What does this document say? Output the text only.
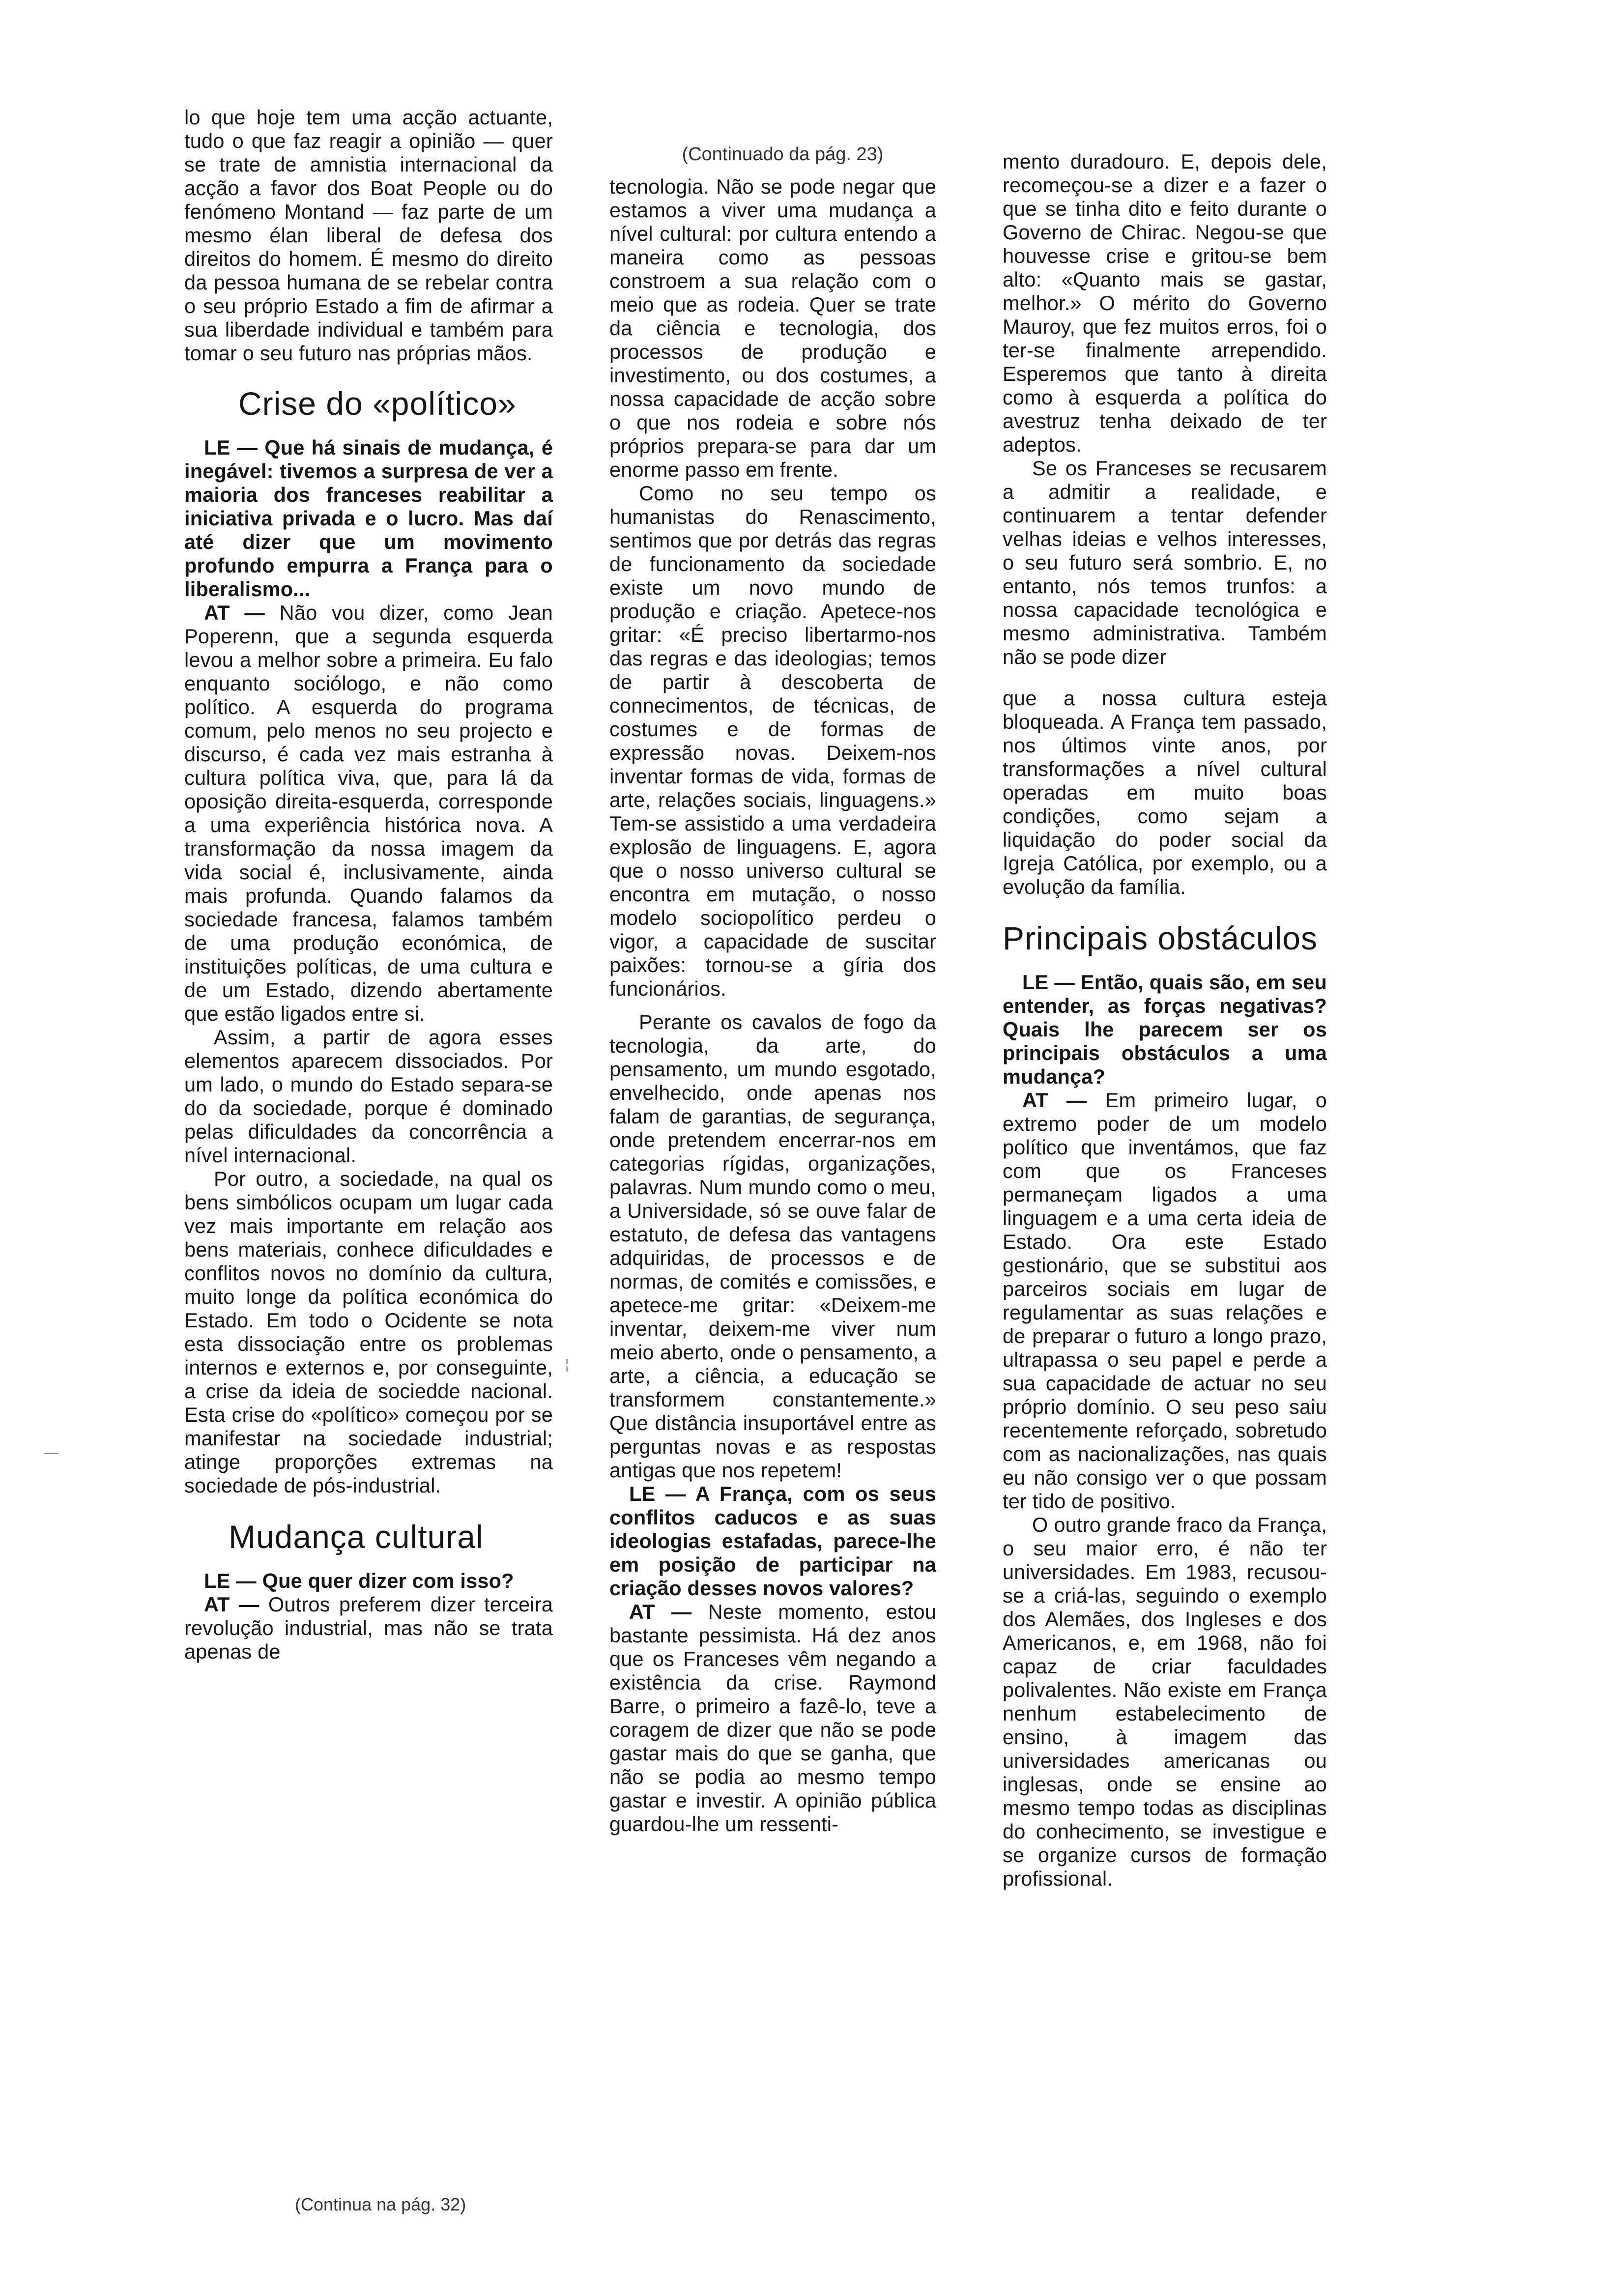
lo que hoje tem uma acção actuante, tudo o que faz reagir a opinião — quer se trate de amnistia internacional da acção a favor dos Boat People ou do fenómeno Montand — faz parte de um mesmo élan liberal de defesa dos direitos do homem. É mesmo do direito da pessoa humana de se rebelar contra o seu próprio Estado a fim de afirmar a sua liberdade individual e também para tomar o seu futuro nas próprias mãos.

Crise do «político»

LE — Que há sinais de mudança, é inegável: tivemos a surpresa de ver a maioria dos franceses reabilitar a iniciativa privada e o lucro. Mas daí até dizer que um movimento profundo empurra a França para o liberalismo...

AT — Não vou dizer, como Jean Poperenn, que a segunda esquerda levou a melhor sobre a primeira. Eu falo enquanto sociólogo, e não como político. A esquerda do programa comum, pelo menos no seu projecto e discurso, é cada vez mais estranha à cultura política viva, que, para lá da oposição direita-esquerda, corresponde a uma experiência histórica nova. A transformação da nossa imagem da vida social é, inclusivamente, ainda mais profunda. Quando falamos da sociedade francesa, falamos também de uma produção económica, de instituições políticas, de uma cultura e de um Estado, dizendo abertamente que estão ligados entre si.

Assim, a partir de agora esses elementos aparecem dissociados. Por um lado, o mundo do Estado separa-se do da sociedade, porque é dominado pelas dificuldades da concorrência a nível internacional.

Por outro, a sociedade, na qual os bens simbólicos ocupam um lugar cada vez mais importante em relação aos bens materiais, conhece dificuldades e conflitos novos no domínio da cultura, muito longe da política económica do Estado. Em todo o Ocidente se nota esta dissociação entre os problemas internos e externos e, por conseguinte, a crise da ideia de sociedde nacional. Esta crise do «político» começou por se manifestar na sociedade industrial; atinge proporções extremas na sociedade de pós-industrial.

Mudança cultural

LE — Que quer dizer com isso?

AT — Outros preferem dizer terceira revolução industrial, mas não se trata apenas de

(Continua na pág. 32)
(Continuado da pág. 23)

tecnologia. Não se pode negar que estamos a viver uma mudança a nível cultural: por cultura entendo a maneira como as pessoas constroem a sua relação com o meio que as rodeia. Quer se trate da ciência e tecnologia, dos processos de produção e investimento, ou dos costumes, a nossa capacidade de acção sobre o que nos rodeia e sobre nós próprios prepara-se para dar um enorme passo em frente.

Como no seu tempo os humanistas do Renascimento, sentimos que por detrás das regras de funcionamento da sociedade existe um novo mundo de produção e criação. Apetece-nos gritar: «É preciso libertarmo-nos das regras e das ideologias; temos de partir à descoberta de connecimentos, de técnicas, de costumes e de formas de expressão novas. Deixem-nos inventar formas de vida, formas de arte, relações sociais, linguagens.» Tem-se assistido a uma verdadeira explosão de linguagens. E, agora que o nosso universo cultural se encontra em mutação, o nosso modelo sociopolítico perdeu o vigor, a capacidade de suscitar paixões: tornou-se a gíria dos funcionários.

Perante os cavalos de fogo da tecnologia, da arte, do pensamento, um mundo esgotado, envelhecido, onde apenas nos falam de garantias, de segurança, onde pretendem encerrar-nos em categorias rígidas, organizações, palavras. Num mundo como o meu, a Universidade, só se ouve falar de estatuto, de defesa das vantagens adquiridas, de processos e de normas, de comités e comissões, e apetece-me gritar: «Deixem-me inventar, deixem-me viver num meio aberto, onde o pensamento, a arte, a ciência, a educação se transformem constantemente.» Que distância insuportável entre as perguntas novas e as respostas antigas que nos repetem!

LE — A França, com os seus conflitos caducos e as suas ideologias estafadas, parece-lhe em posição de participar na criação desses novos valores?

AT — Neste momento, estou bastante pessimista. Há dez anos que os Franceses vêm negando a existência da crise. Raymond Barre, o primeiro a fazê-lo, teve a coragem de dizer que não se pode gastar mais do que se ganha, que não se podia ao mesmo tempo gastar e investir. A opinião pública guardou-lhe um ressenti-

mento duradouro. E, depois dele, recomeçou-se a dizer e a fazer o que se tinha dito e feito durante o Governo de Chirac. Negou-se que houvesse crise e gritou-se bem alto: «Quanto mais se gastar, melhor.» O mérito do Governo Mauroy, que fez muitos erros, foi o ter-se finalmente arrependido. Esperemos que tanto à direita como à esquerda a política do avestruz tenha deixado de ter adeptos.

Se os Franceses se recusarem a admitir a realidade, e continuarem a tentar defender velhas ideias e velhos interesses, o seu futuro será sombrio. E, no entanto, nós temos trunfos: a nossa capacidade tecnológica e mesmo administrativa. Também não se pode dizer

que a nossa cultura esteja bloqueada. A França tem passado, nos últimos vinte anos, por transformações a nível cultural operadas em muito boas condições, como sejam a liquidação do poder social da Igreja Católica, por exemplo, ou a evolução da família.

Principais obstáculos

LE — Então, quais são, em seu entender, as forças negativas? Quais lhe parecem ser os principais obstáculos a uma mudança?

AT — Em primeiro lugar, o extremo poder de um modelo político que inventámos, que faz com que os Franceses permaneçam ligados a uma linguagem e a uma certa ideia de Estado. Ora este Estado gestionário, que se substitui aos parceiros sociais em lugar de regulamentar as suas relações e de preparar o futuro a longo prazo, ultrapassa o seu papel e perde a sua capacidade de actuar no seu próprio domínio. O seu peso saiu recentemente reforçado, sobretudo com as nacionalizações, nas quais eu não consigo ver o que possam ter tido de positivo.

O outro grande fraco da França, o seu maior erro, é não ter universidades. Em 1983, recusou-se a criá-las, seguindo o exemplo dos Alemães, dos Ingleses e dos Americanos, e, em 1968, não foi capaz de criar faculdades polivalentes. Não existe em França nenhum estabelecimento de ensino, à imagem das universidades americanas ou inglesas, onde se ensine ao mesmo tempo todas as disciplinas do conhecimento, se investigue e se organize cursos de formação profissional.

—
¦
